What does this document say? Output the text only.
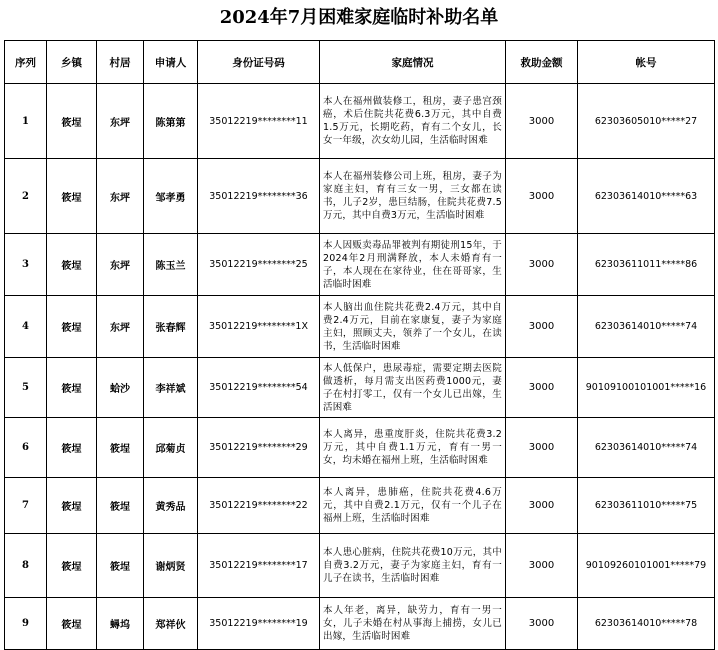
2024年7月困难家庭临时补助名单
序列	乡镇	村居	申请人	身份证号码	家庭情况	救助金额	帐号
1	筱埕	东坪	陈第第	35012219********11	本人在福州做装修工，租房，妻子患宫颈癌，术后住院共花费6.3万元，其中自费1.5万元，长期吃药，育有二个女儿，长女一年级，次女幼儿园，生活临时困难	3000	62303605010*****27
2	筱埕	东坪	邹孝勇	35012219********36	本人在福州装修公司上班，租房，妻子为家庭主妇，育有三女一男，三女都在读书，儿子2岁，患巨结肠，住院共花费7.5万元，其中自费3万元，生活临时困难	3000	62303614010*****63
3	筱埕	东坪	陈玉兰	35012219********25	本人因贩卖毒品罪被判有期徒刑15年，于2024年2月刑满释放，本人未婚育有一子，本人现在在家待业，住在哥哥家，生活临时困难	3000	62303611011*****86
4	筱埕	东坪	张春辉	35012219********1X	本人脑出血住院共花费2.4万元，其中自费2.4万元，目前在家康复，妻子为家庭主妇，照顾丈夫，领养了一个女儿，在读书，生活临时困难	3000	62303614010*****74
5	筱埕	蛤沙	李祥斌	35012219********54	本人低保户，患尿毒症，需要定期去医院做透析，每月需支出医药费1000元，妻子在村打零工，仅有一个女儿已出嫁，生活困难	3000	90109100101001*****16
6	筱埕	筱埕	邱菊贞	35012219********29	本人离异，患重度肝炎，住院共花费3.2万元，其中自费1.1万元，育有一男一女，均未婚在福州上班，生活临时困难	3000	62303614010*****74
7	筱埕	筱埕	黄秀品	35012219********22	本人离异，患肺癌，住院共花费4.6万元，其中自费2.1万元，仅有一个儿子在福州上班，生活临时困难	3000	62303611010*****75
8	筱埕	筱埕	谢炳贤	35012219********17	本人患心脏病，住院共花费10万元，其中自费3.2万元，妻子为家庭主妇，育有一儿子在读书，生活临时困难	3000	90109260101001*****79
9	筱埕	蟳坞	郑祥伙	35012219********19	本人年老，离异，缺劳力，育有一男一女，儿子未婚在村从事海上捕捞，女儿已出嫁，生活临时困难	3000	62303614010*****78
